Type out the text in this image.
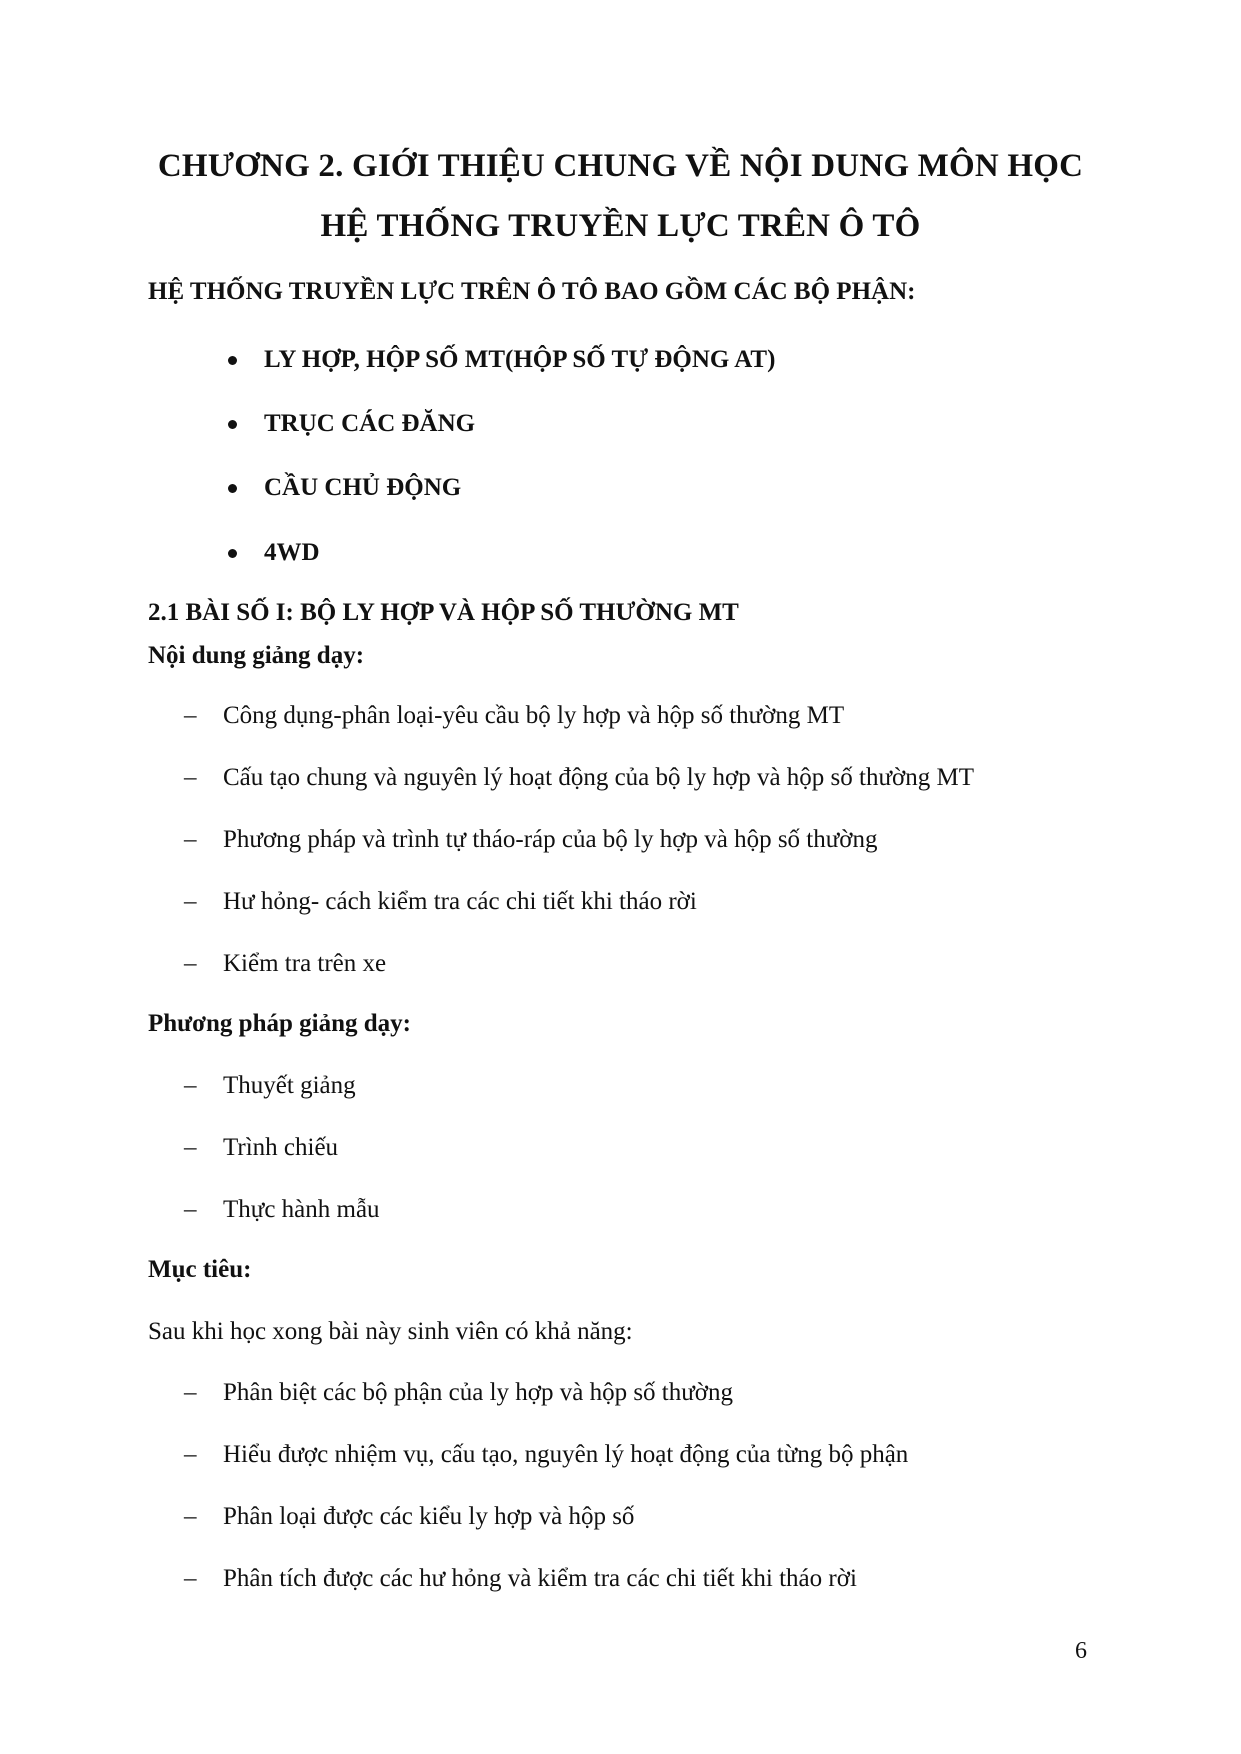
CHƯƠNG 2. GIỚI THIỆU CHUNG VỀ NỘI DUNG MÔN HỌC
HỆ THỐNG TRUYỀN LỰC TRÊN Ô TÔ
HỆ THỐNG TRUYỀN LỰC TRÊN Ô TÔ BAO GỒM CÁC BỘ PHẬN:
LY HỢP, HỘP SỐ MT(HỘP SỐ TỰ ĐỘNG AT)
TRỤC CÁC ĐĂNG
CẦU CHỦ ĐỘNG
4WD
2.1 BÀI SỐ I: BỘ LY HỢP VÀ HỘP SỐ THƯỜNG MT
Nội dung giảng dạy:
– Công dụng-phân loại-yêu cầu bộ ly hợp và hộp số thường MT
– Cấu tạo chung và nguyên lý hoạt động của bộ ly hợp và hộp số thường MT
– Phương pháp và trình tự tháo-ráp của bộ ly hợp và hộp số thường
– Hư hỏng- cách kiểm tra các chi tiết khi tháo rời
– Kiểm tra trên xe
Phương pháp giảng dạy:
– Thuyết giảng
– Trình chiếu
– Thực hành mẫu
Mục tiêu:
Sau khi học xong bài này sinh viên có khả năng:
– Phân biệt các bộ phận của ly hợp và hộp số thường
– Hiểu được nhiệm vụ, cấu tạo, nguyên lý hoạt động của từng bộ phận
– Phân loại được các kiểu ly hợp và hộp số
– Phân tích được các hư hỏng và kiểm tra các chi tiết khi tháo rời
6
